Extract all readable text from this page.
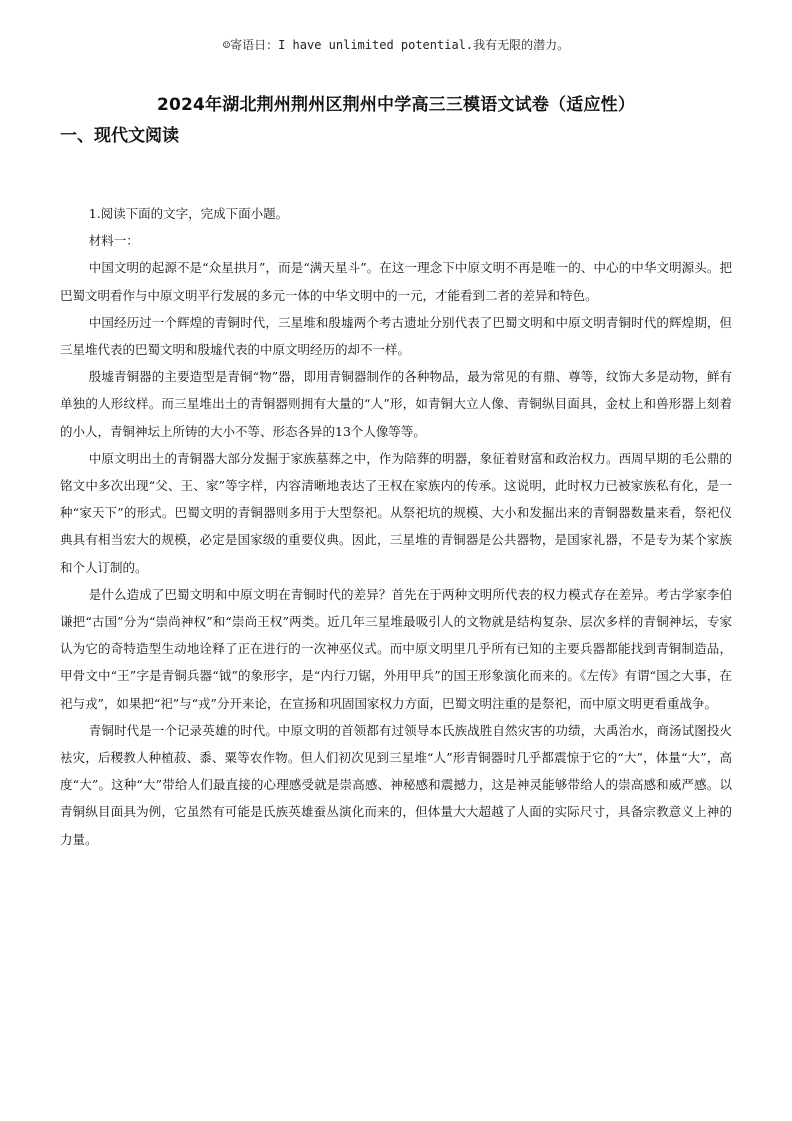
☺寄语日：I have unlimited potential.我有无限的潜力。
2024年湖北荆州荆州区荆州中学高三三模语文试卷（适应性）
一、现代文阅读

1.阅读下面的文字，完成下面小题。

材料一：

中国文明的起源不是“众星拱月”，而是“满天星斗”。在这一理念下中原文明不再是唯一的、中心的中华文明源头。把巴蜀文明看作与中原文明平行发展的多元一体的中华文明中的一元，才能看到二者的差异和特色。

中国经历过一个辉煌的青铜时代，三星堆和殷墟两个考古遗址分别代表了巴蜀文明和中原文明青铜时代的辉煌期，但三星堆代表的巴蜀文明和殷墟代表的中原文明经历的却不一样。

殷墟青铜器的主要造型是青铜“物”器，即用青铜器制作的各种物品，最为常见的有鼎、尊等，纹饰大多是动物，鲜有单独的人形纹样。而三星堆出土的青铜器则拥有大量的“人”形，如青铜大立人像、青铜纵目面具，金杖上和兽形器上刻着的小人，青铜神坛上所铸的大小不等、形态各异的13个人像等等。

中原文明出土的青铜器大部分发掘于家族墓葬之中，作为陪葬的明器，象征着财富和政治权力。西周早期的毛公鼎的铭文中多次出现“父、王、家”等字样，内容清晰地表达了王权在家族内的传承。这说明，此时权力已被家族私有化，是一种“家天下”的形式。巴蜀文明的青铜器则多用于大型祭祀。从祭祀坑的规模、大小和发掘出来的青铜器数量来看，祭祀仪典具有相当宏大的规模，必定是国家级的重要仪典。因此，三星堆的青铜器是公共器物，是国家礼器，不是专为某个家族和个人订制的。

是什么造成了巴蜀文明和中原文明在青铜时代的差异？首先在于两种文明所代表的权力模式存在差异。考古学家李伯谦把“古国”分为“崇尚神权”和“崇尚王权”两类。近几年三星堆最吸引人的文物就是结构复杂、层次多样的青铜神坛，专家认为它的奇特造型生动地诠释了正在进行的一次神巫仪式。而中原文明里几乎所有已知的主要兵器都能找到青铜制造品，甲骨文中“王”字是青铜兵器“钺”的象形字，是“内行刀锯，外用甲兵”的国王形象演化而来的。《左传》有谓“国之大事，在祀与戎”，如果把“祀”与“戎”分开来论，在宣扬和巩固国家权力方面，巴蜀文明注重的是祭祀，而中原文明更看重战争。

青铜时代是一个记录英雄的时代。中原文明的首领都有过领导本氏族战胜自然灾害的功绩，大禹治水，商汤试图投火袪灾，后稷教人种植菽、黍、粟等农作物。但人们初次见到三星堆“人”形青铜器时几乎都震惊于它的“大”，体量“大”，高度“大”。这种“大”带给人们最直接的心理感受就是崇高感、神秘感和震撼力，这是神灵能够带给人的崇高感和威严感。以青铜纵目面具为例，它虽然有可能是氏族英雄蚕丛演化而来的，但体量大大超越了人面的实际尺寸，具备宗教意义上神的力量。
